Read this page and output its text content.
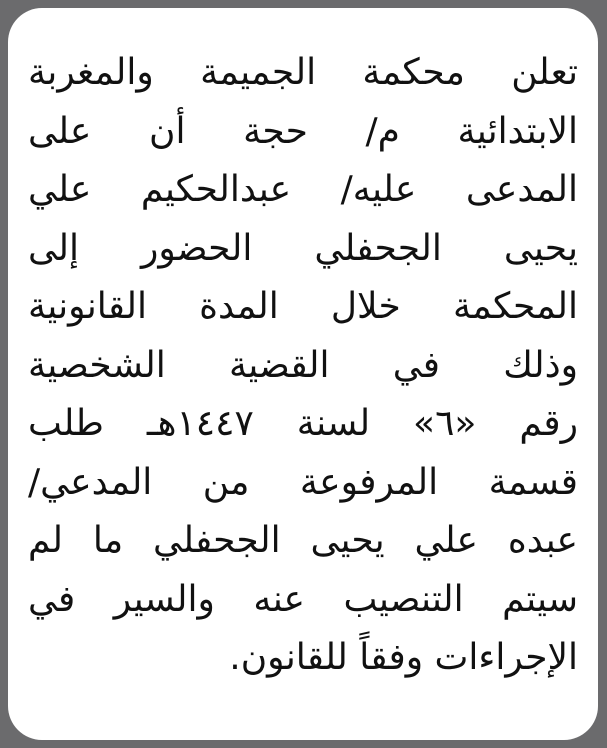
تعلن محكمة الجميمة والمغربة
الابتدائية م/ حجة أن على
المدعى عليه/ عبدالحكيم علي
يحيى الجحفلي الحضور إلى
المحكمة خلال المدة القانونية
وذلك في القضية الشخصية
رقم «٦» لسنة ١٤٤٧هـ طلب
قسمة المرفوعة من المدعي/
عبده علي يحيى الجحفلي ما لم
سيتم التنصيب عنه والسير في
الإجراءات وفقاً للقانون.
